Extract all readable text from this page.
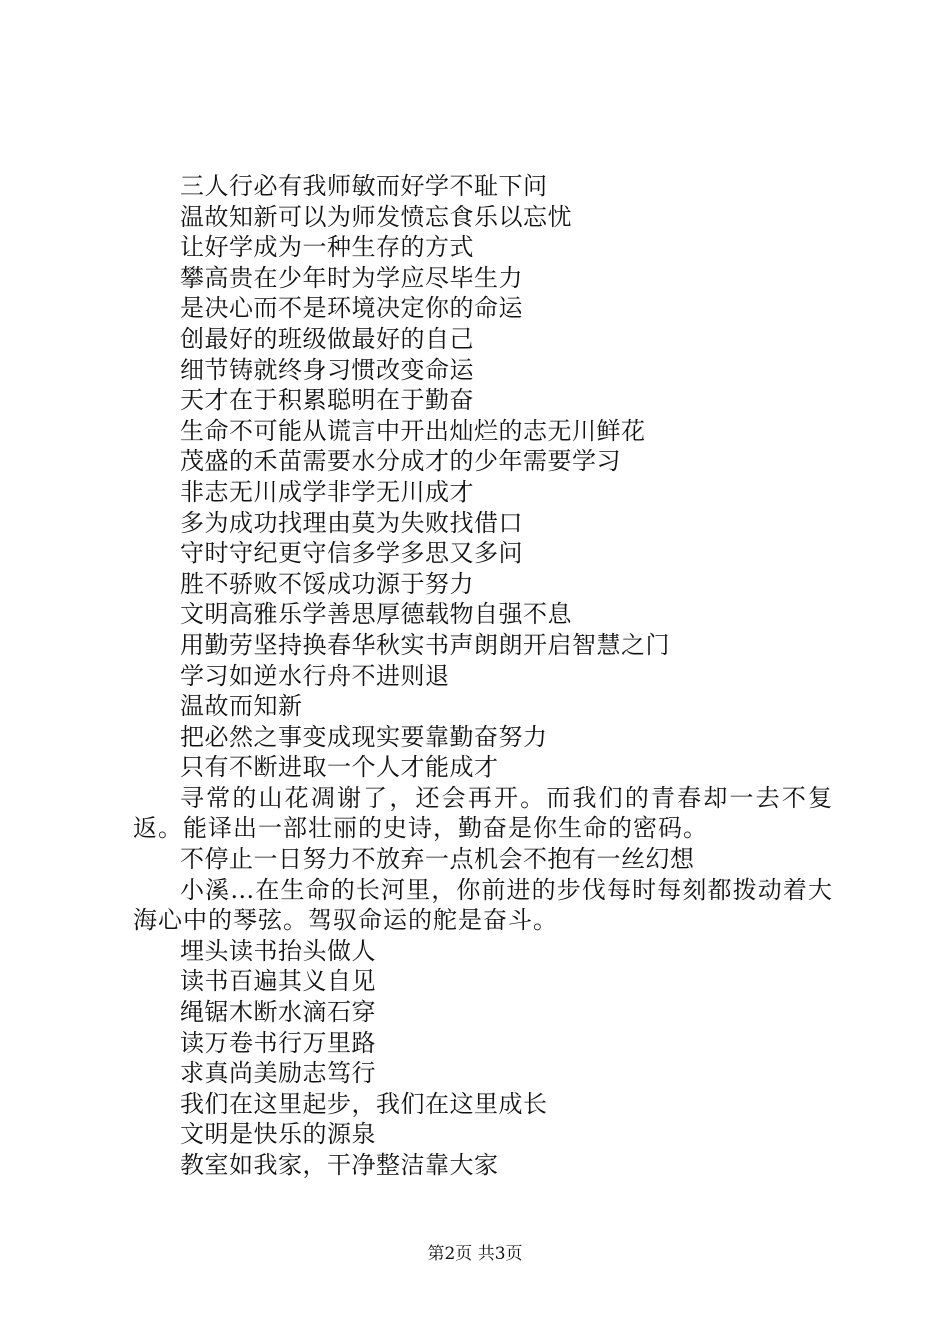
三人行必有我师敏而好学不耻下问
温故知新可以为师发愤忘食乐以忘忧
让好学成为一种生存的方式
攀高贵在少年时为学应尽毕生力
是决心而不是环境决定你的命运
创最好的班级做最好的自己
细节铸就终身习惯改变命运
天才在于积累聪明在于勤奋
生命不可能从谎言中开出灿烂的志无川鲜花
茂盛的禾苗需要水分成才的少年需要学习
非志无川成学非学无川成才
多为成功找理由莫为失败找借口
守时守纪更守信多学多思又多问
胜不骄败不馁成功源于努力
文明高雅乐学善思厚德载物自强不息
用勤劳坚持换春华秋实书声朗朗开启智慧之门
学习如逆水行舟不进则退
温故而知新
把必然之事变成现实要靠勤奋努力
只有不断进取一个人才能成才
寻常的山花凋谢了，还会再开。而我们的青春却一去不复返。能译出一部壮丽的史诗，勤奋是你生命的密码。
不停止一日努力不放弃一点机会不抱有一丝幻想
小溪…在生命的长河里，你前进的步伐每时每刻都拨动着大海心中的琴弦。驾驭命运的舵是奋斗。
埋头读书抬头做人
读书百遍其义自见
绳锯木断水滴石穿
读万卷书行万里路
求真尚美励志笃行
我们在这里起步，我们在这里成长
文明是快乐的源泉
教室如我家，干净整洁靠大家
第2页 共3页
